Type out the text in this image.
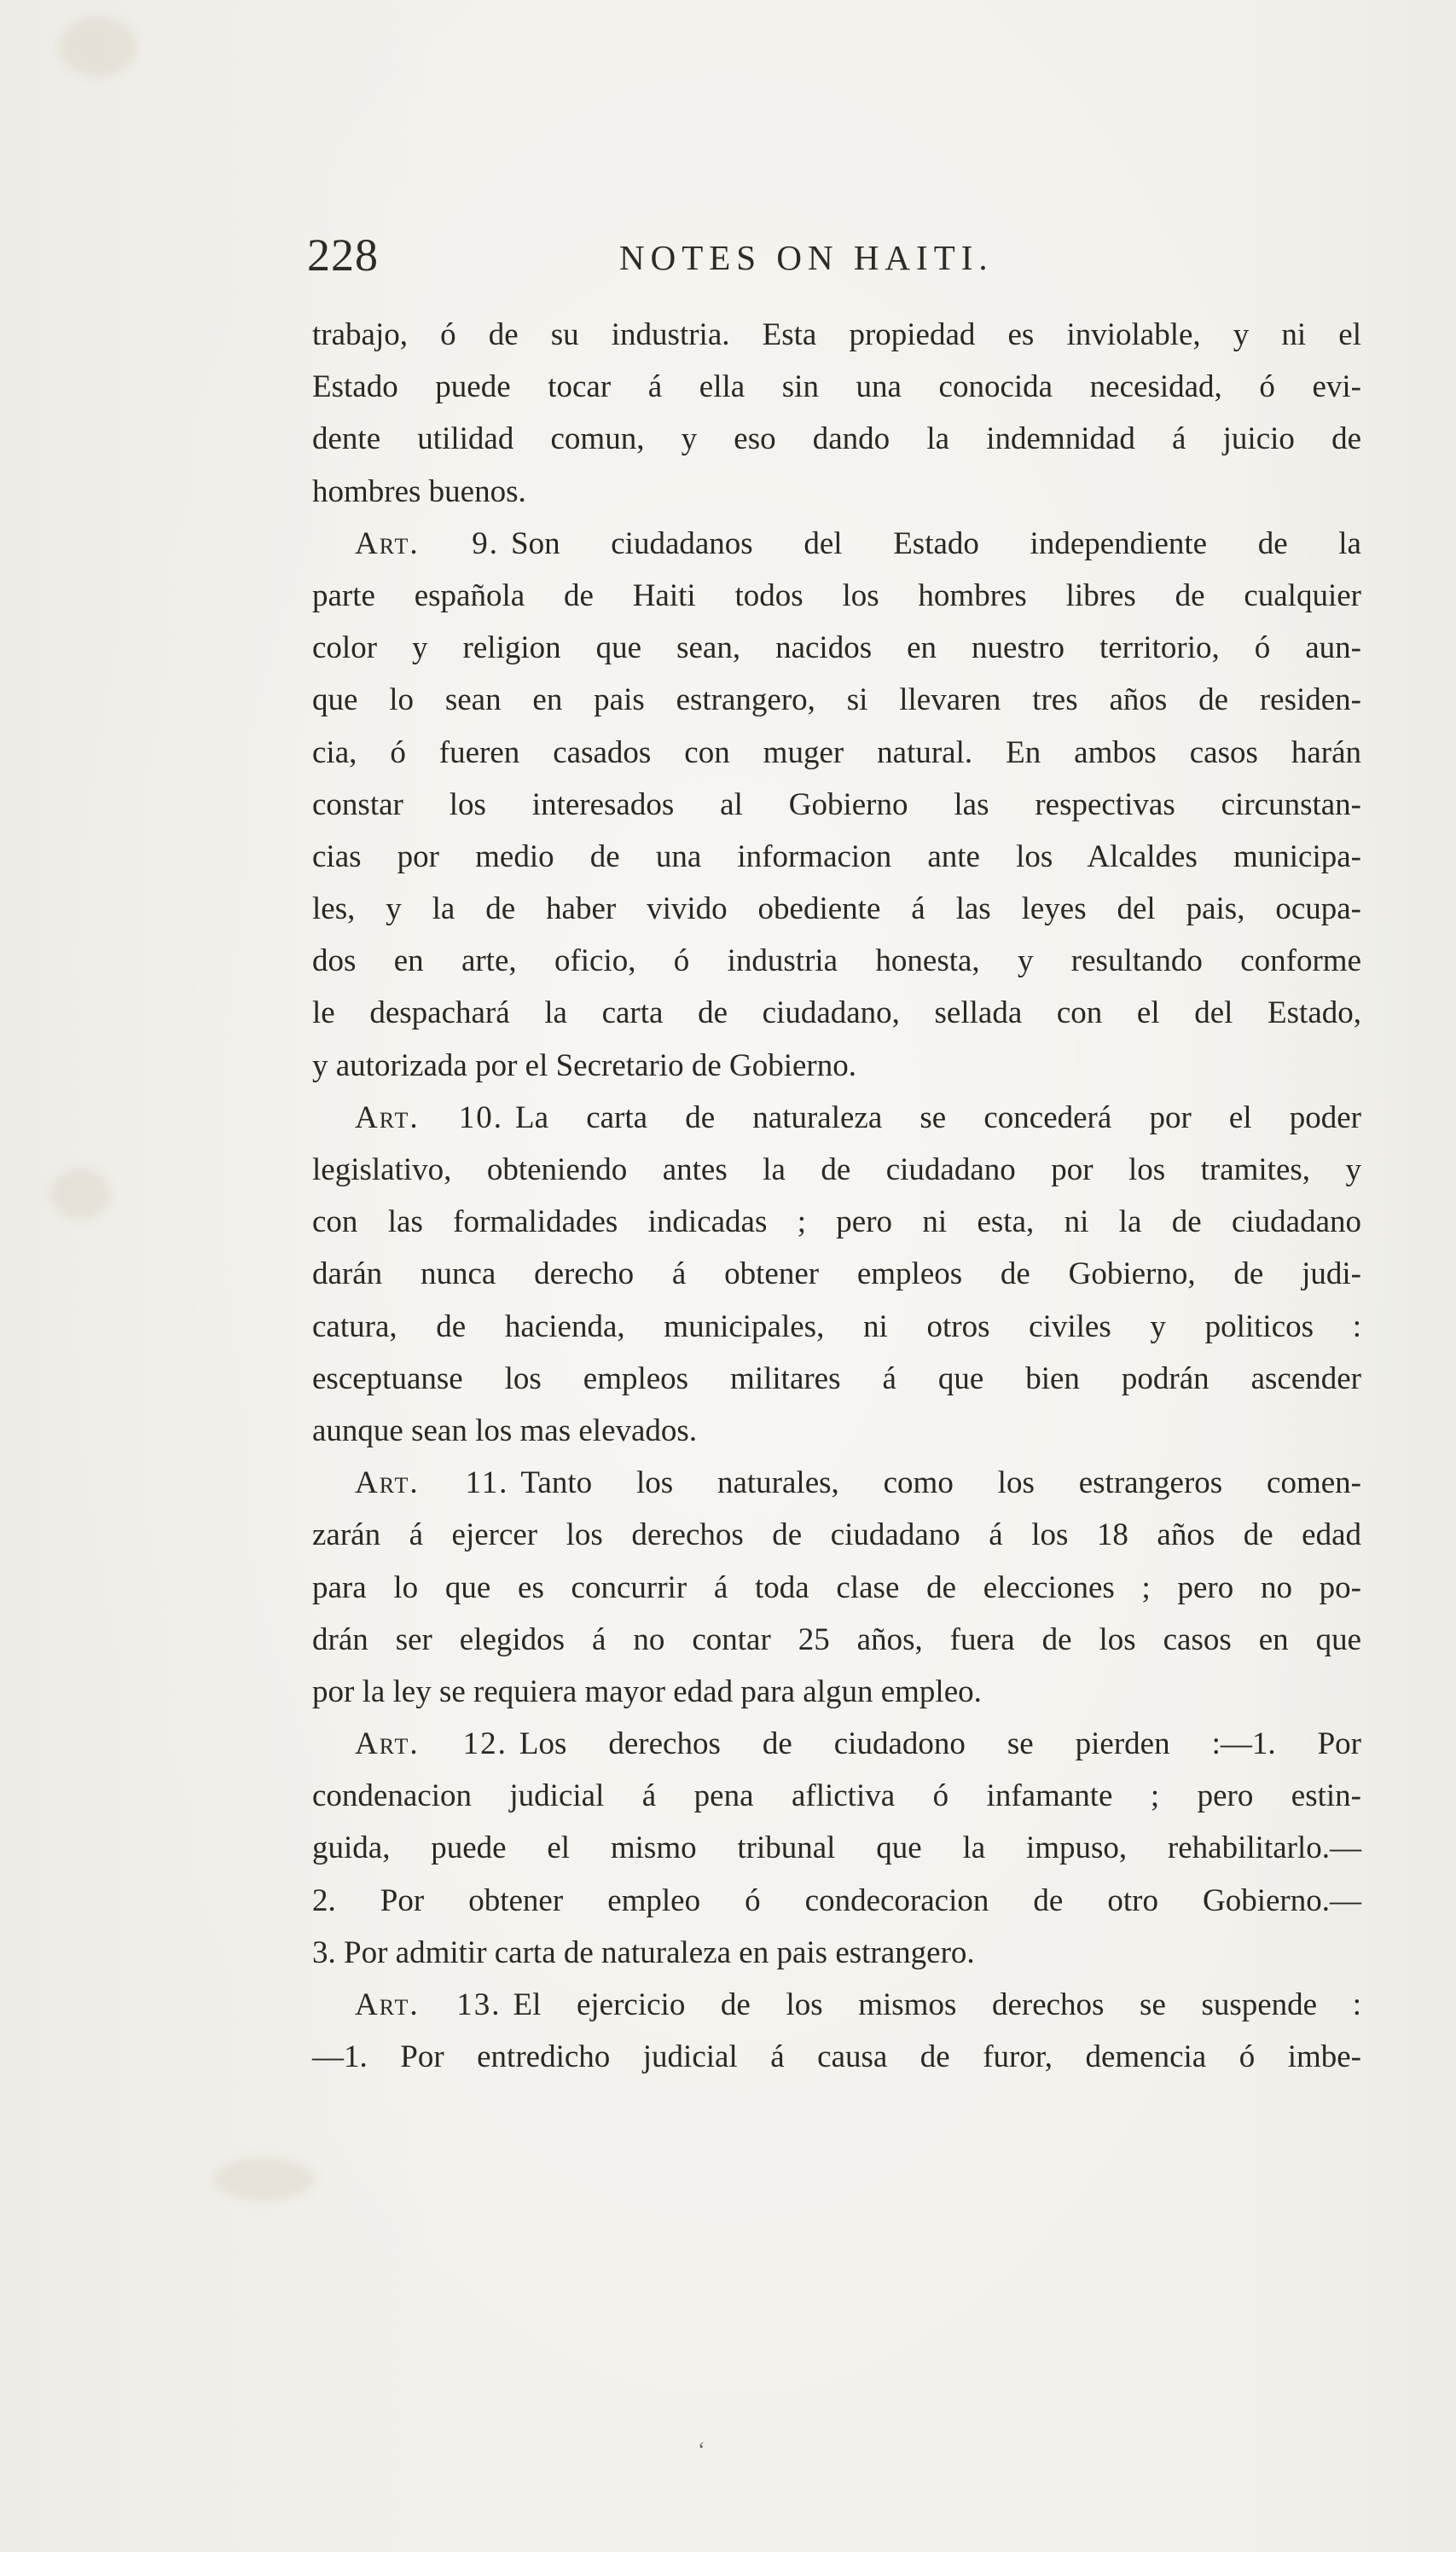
228	NOTES ON HAITI.
trabajo, ó de su industria. Esta propiedad es inviolable, y ni el
Estado puede tocar á ella sin una conocida necesidad, ó evi-
dente utilidad comun, y eso dando la indemnidad á juicio de
hombres buenos.
Art. 9. Son ciudadanos del Estado independiente de la
parte española de Haiti todos los hombres libres de cualquier
color y religion que sean, nacidos en nuestro territorio, ó aun-
que lo sean en pais estrangero, si llevaren tres años de residen-
cia, ó fueren casados con muger natural. En ambos casos harán
constar los interesados al Gobierno las respectivas circunstan-
cias por medio de una informacion ante los Alcaldes municipa-
les, y la de haber vivido obediente á las leyes del pais, ocupa-
dos en arte, oficio, ó industria honesta, y resultando conforme
le despachará la carta de ciudadano, sellada con el del Estado,
y autorizada por el Secretario de Gobierno.
Art. 10. La carta de naturaleza se concederá por el poder
legislativo, obteniendo antes la de ciudadano por los tramites, y
con las formalidades indicadas ; pero ni esta, ni la de ciudadano
darán nunca derecho á obtener empleos de Gobierno, de judi-
catura, de hacienda, municipales, ni otros civiles y politicos :
esceptuanse los empleos militares á que bien podrán ascender
aunque sean los mas elevados.
Art. 11. Tanto los naturales, como los estrangeros comen-
zarán á ejercer los derechos de ciudadano á los 18 años de edad
para lo que es concurrir á toda clase de elecciones ; pero no po-
drán ser elegidos á no contar 25 años, fuera de los casos en que
por la ley se requiera mayor edad para algun empleo.
Art. 12. Los derechos de ciudadono se pierden :—1. Por
condenacion judicial á pena aflictiva ó infamante ; pero estin-
guida, puede el mismo tribunal que la impuso, rehabilitarlo.—
2. Por obtener empleo ó condecoracion de otro Gobierno.—
3. Por admitir carta de naturaleza en pais estrangero.
Art. 13. El ejercicio de los mismos derechos se suspende :
—1. Por entredicho judicial á causa de furor, demencia ó imbe-
‘
